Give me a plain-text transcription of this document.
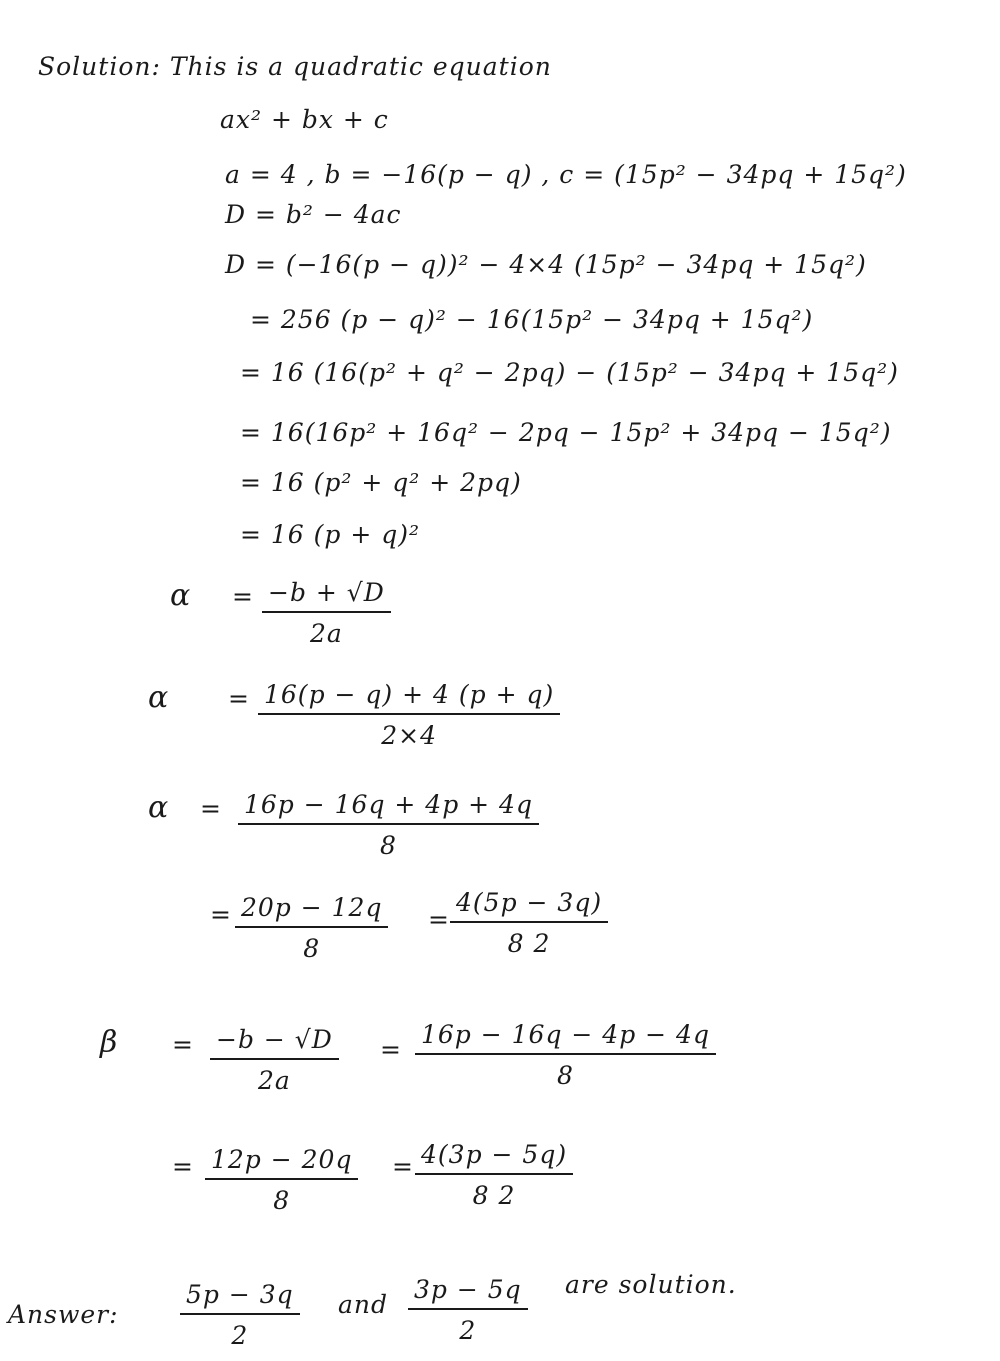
Solution: This is a quadratic equation
ax² + bx + c
a = 4 , b = −16(p − q) , c = (15p² − 34pq + 15q²)
D = b² − 4ac
D = (−16(p − q))² − 4×4 (15p² − 34pq + 15q²)
= 256 (p − q)² − 16(15p² − 34pq + 15q²)
= 16 (16(p² + q² − 2pq) − (15p² − 34pq + 15q²)
= 16(16p² + 16q² − 2pq − 15p² + 34pq − 15q²)
= 16 (p² + q² + 2pq)
= 16 (p + q)²
$\alpha = \frac{-b + √D}{2a}$
$\alpha = \frac{16(p - q) + 4 (p + q)}{2\times 4}$
$\alpha = \frac{16p - 16q + 4p + 4q}{8}$
= $\frac{20p - 12q}{8} = \frac{4(5p - 3q)}{8 2}$
$\beta = \frac{-b - √D}{2a} = \frac{16p - 16q - 4p - 4q}{8}$
= $\frac{12p - 20q}{8} = \frac{4(3p - 5q)}{8 2}$
Answer: $\frac{5p - 3q}{2}$ and $\frac{3p - 5q}{2}$ are solution.
